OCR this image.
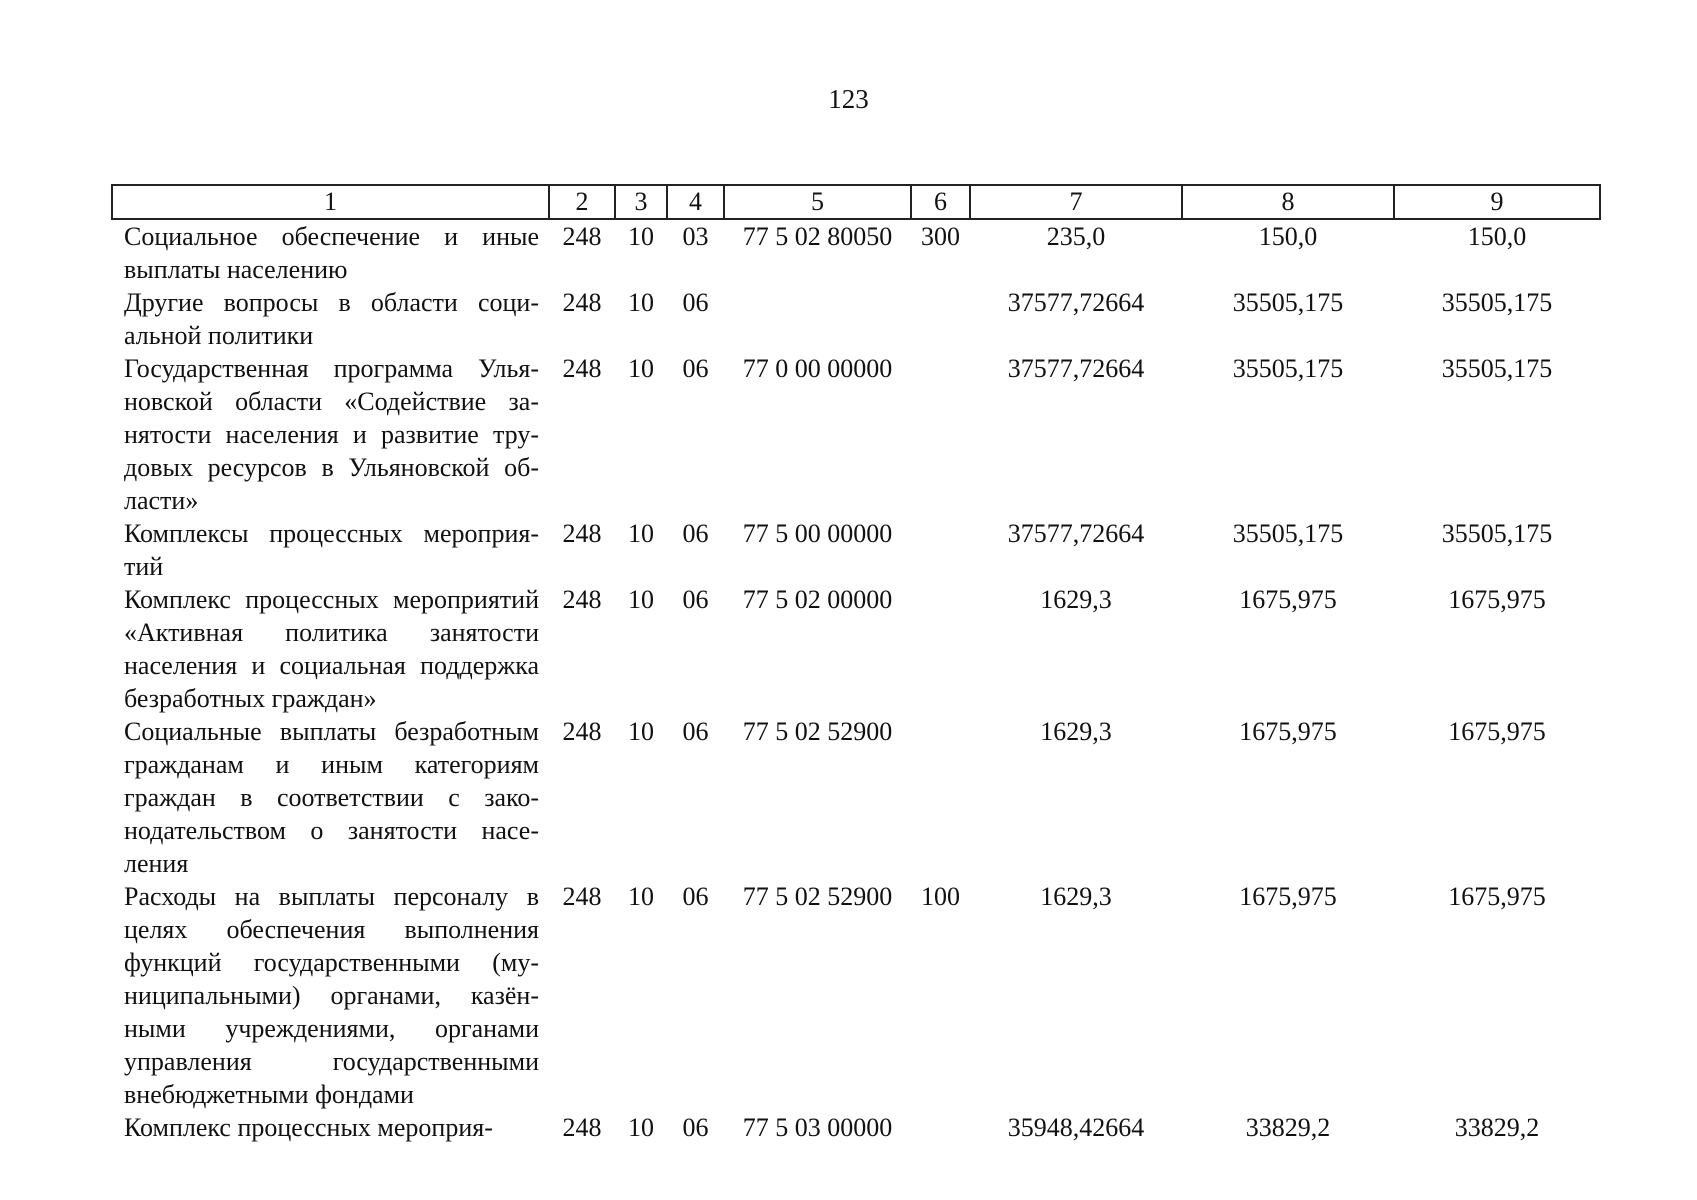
123
1	2	3	4	5	6	7	8	9
Социальное обеспечение и иные выплаты населению	248	10	03	77 5 02 80050	300	235,0	150,0	150,0
Другие вопросы в области социальной политики	248	10	06			37577,72664	35505,175	35505,175
Государственная программа Ульяновской области «Содействие занятости населения и развитие трудовых ресурсов в Ульяновской области»	248	10	06	77 0 00 00000		37577,72664	35505,175	35505,175
Комплексы процессных мероприятий	248	10	06	77 5 00 00000		37577,72664	35505,175	35505,175
Комплекс процессных мероприятий «Активная политика занятости населения и социальная поддержка безработных граждан»	248	10	06	77 5 02 00000		1629,3	1675,975	1675,975
Социальные выплаты безработным гражданам и иным категориям граждан в соответствии с законодательством о занятости населения	248	10	06	77 5 02 52900		1629,3	1675,975	1675,975
Расходы на выплаты персоналу в целях обеспечения выполнения функций государственными (муниципальными) органами, казёнными учреждениями, органами управления государственными внебюджетными фондами	248	10	06	77 5 02 52900	100	1629,3	1675,975	1675,975
Комплекс процессных мероприя-	248	10	06	77 5 03 00000		35948,42664	33829,2	33829,2
